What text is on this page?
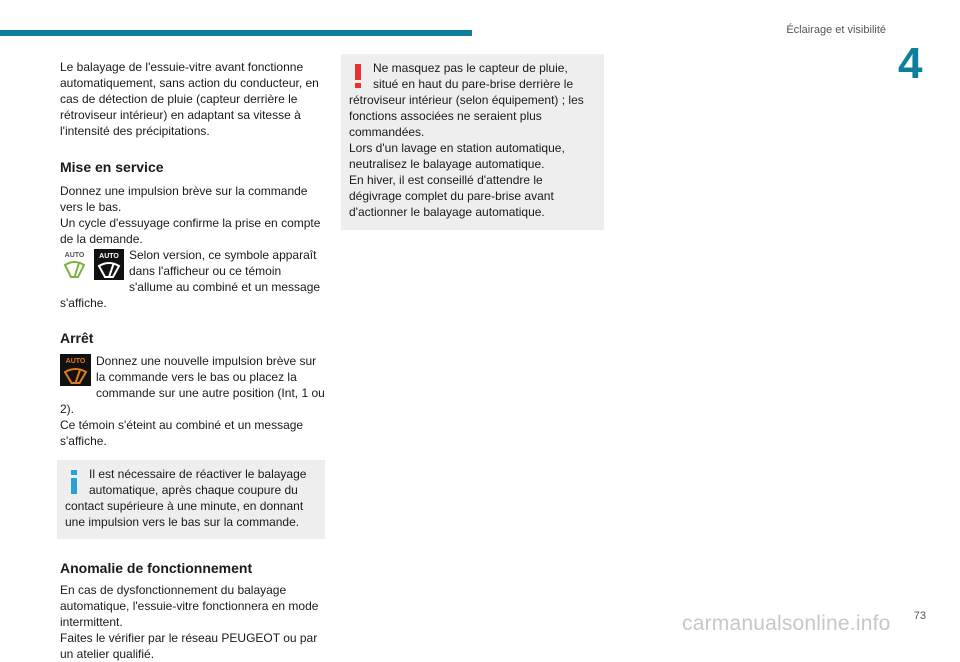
Éclairage et visibilité
4

Le balayage de l'essuie-vitre avant fonctionne automatiquement, sans action du conducteur, en cas de détection de pluie (capteur derrière le rétroviseur intérieur) en adaptant sa vitesse à l'intensité des précipitations.

Mise en service

Donnez une impulsion brève sur la commande vers le bas.

Un cycle d'essuyage confirme la prise en compte de la demande.

AUTO AUTO Selon version, ce symbole apparaît dans l'afficheur ou ce témoin s'allume au combiné et un message s'affiche.

Arrêt
AUTO Donnez une nouvelle impulsion brève sur la commande vers le bas ou placez la commande sur une autre position (Int, 1 ou 2).

Ce témoin s'éteint au combiné et un message s'affiche.

Il est nécessaire de réactiver le balayage automatique, après chaque coupure du contact supérieure à une minute, en donnant une impulsion vers le bas sur la commande.

Anomalie de fonctionnement

En cas de dysfonctionnement du balayage automatique, l'essuie-vitre fonctionnera en mode intermittent.

Faites le vérifier par le réseau PEUGEOT ou par un atelier qualifié.

Ne masquez pas le capteur de pluie, situé en haut du pare-brise derrière le rétroviseur intérieur (selon équipement) ; les fonctions associées ne seraient plus commandées.

Lors d'un lavage en station automatique, neutralisez le balayage automatique.

En hiver, il est conseillé d'attendre le dégivrage complet du pare-brise avant d'actionner le balayage automatique.

73
carmanualsonline.info
